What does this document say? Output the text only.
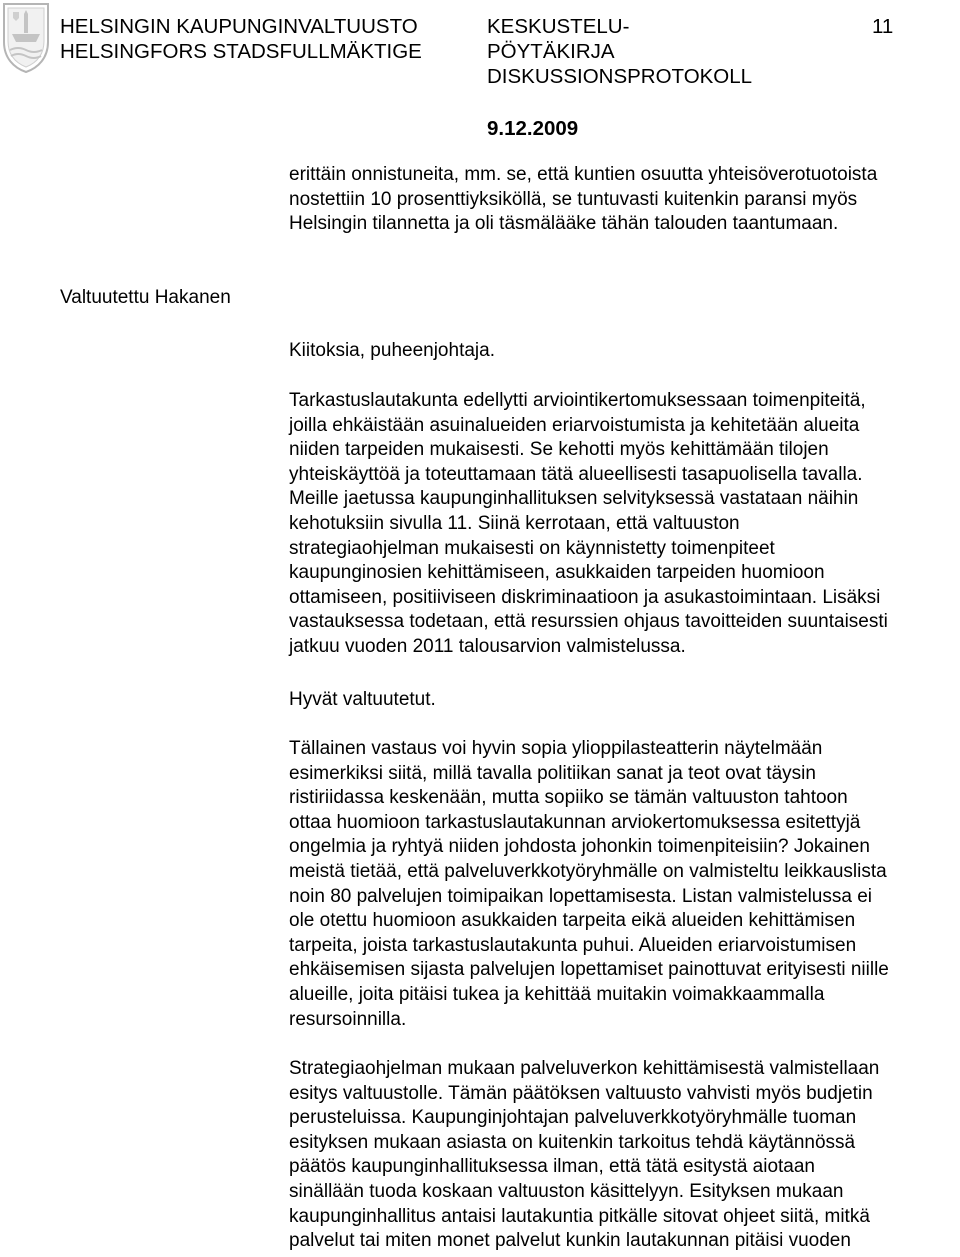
HELSINGIN KAUPUNGINVALTUUSTO
HELSINGFORS STADSFULLMÄKTIGE
KESKUSTELU-
PÖYTÄKIRJA
DISKUSSIONSPROTOKOLL
11
9.12.2009
erittäin onnistuneita, mm. se, että kuntien osuutta yhteisöverotuotoista
nostettiin 10 prosenttiyksiköllä, se tuntuvasti kuitenkin paransi myös
Helsingin tilannetta ja oli täsmälääke tähän talouden taantumaan.
Valtuutettu Hakanen
Kiitoksia, puheenjohtaja.
Tarkastuslautakunta edellytti arviointikertomuksessaan toimenpiteitä,
joilla ehkäistään asuinalueiden eriarvoistumista ja kehitetään alueita
niiden tarpeiden mukaisesti. Se kehotti myös kehittämään tilojen
yhteiskäyttöä ja toteuttamaan tätä alueellisesti tasapuolisella tavalla.
Meille jaetussa kaupunginhallituksen selvityksessä vastataan näihin
kehotuksiin sivulla 11. Siinä kerrotaan, että valtuuston
strategiaohjelman mukaisesti on käynnistetty toimenpiteet
kaupunginosien kehittämiseen, asukkaiden tarpeiden huomioon
ottamiseen, positiiviseen diskriminaatioon ja asukastoimintaan. Lisäksi
vastauksessa todetaan, että resurssien ohjaus tavoitteiden suuntaisesti
jatkuu vuoden 2011 talousarvion valmistelussa.
Hyvät valtuutetut.
Tällainen vastaus voi hyvin sopia ylioppilasteatterin näytelmään
esimerkiksi siitä, millä tavalla politiikan sanat ja teot ovat täysin
ristiriidassa keskenään, mutta sopiiko se tämän valtuuston tahtoon
ottaa huomioon tarkastuslautakunnan arviokertomuksessa esitettyjä
ongelmia ja ryhtyä niiden johdosta johonkin toimenpiteisiin? Jokainen
meistä tietää, että palveluverkkotyöryhmälle on valmisteltu leikkauslista
noin 80 palvelujen toimipaikan lopettamisesta. Listan valmistelussa ei
ole otettu huomioon asukkaiden tarpeita eikä alueiden kehittämisen
tarpeita, joista tarkastuslautakunta puhui. Alueiden eriarvoistumisen
ehkäisemisen sijasta palvelujen lopettamiset painottuvat erityisesti niille
alueille, joita pitäisi tukea ja kehittää muitakin voimakkaammalla
resursoinnilla.
Strategiaohjelman mukaan palveluverkon kehittämisestä valmistellaan
esitys valtuustolle. Tämän päätöksen valtuusto vahvisti myös budjetin
perusteluissa. Kaupunginjohtajan palveluverkkotyöryhmälle tuoman
esityksen mukaan asiasta on kuitenkin tarkoitus tehdä käytännössä
päätös kaupunginhallituksessa ilman, että tätä esitystä aiotaan
sinällään tuoda koskaan valtuuston käsittelyyn. Esityksen mukaan
kaupunginhallitus antaisi lautakuntia pitkälle sitovat ohjeet siitä, mitkä
palvelut tai miten monet palvelut kunkin lautakunnan pitäisi vuoden
